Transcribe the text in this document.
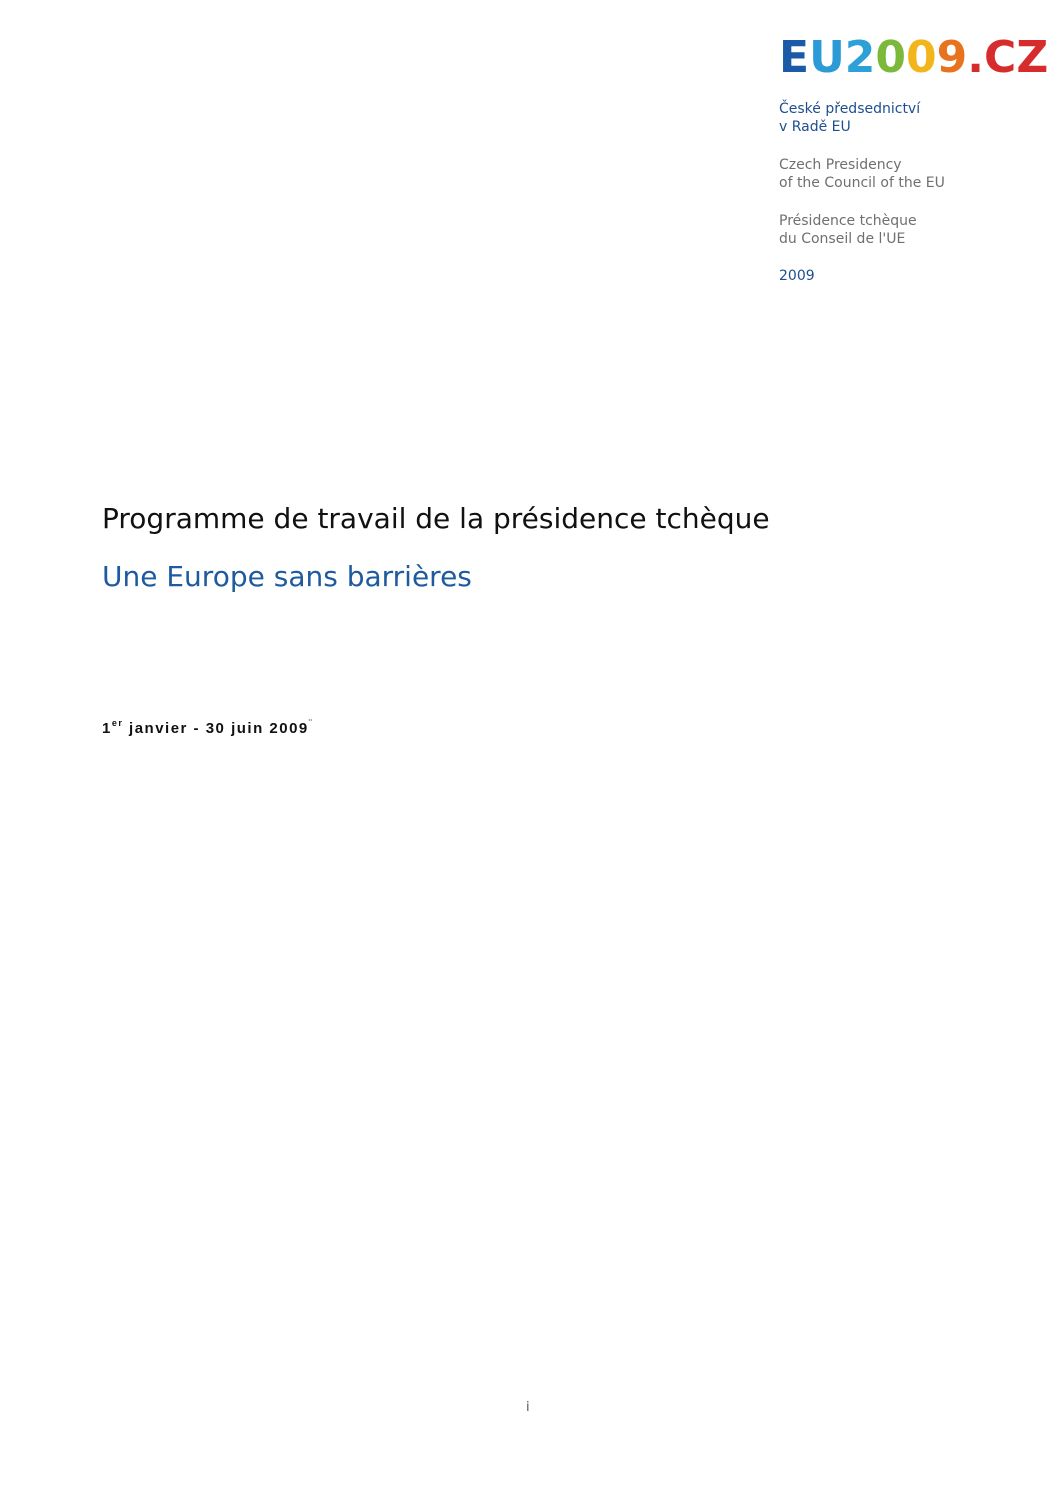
EU2009.CZ
České předsednictví
v Radě EU
Czech Presidency
of the Council of the EU
Présidence tchèque
du Conseil de l'UE
2009
Programme de travail de la présidence tchèque
Une Europe sans barrières
1er janvier - 30 juin 2009¨
i
